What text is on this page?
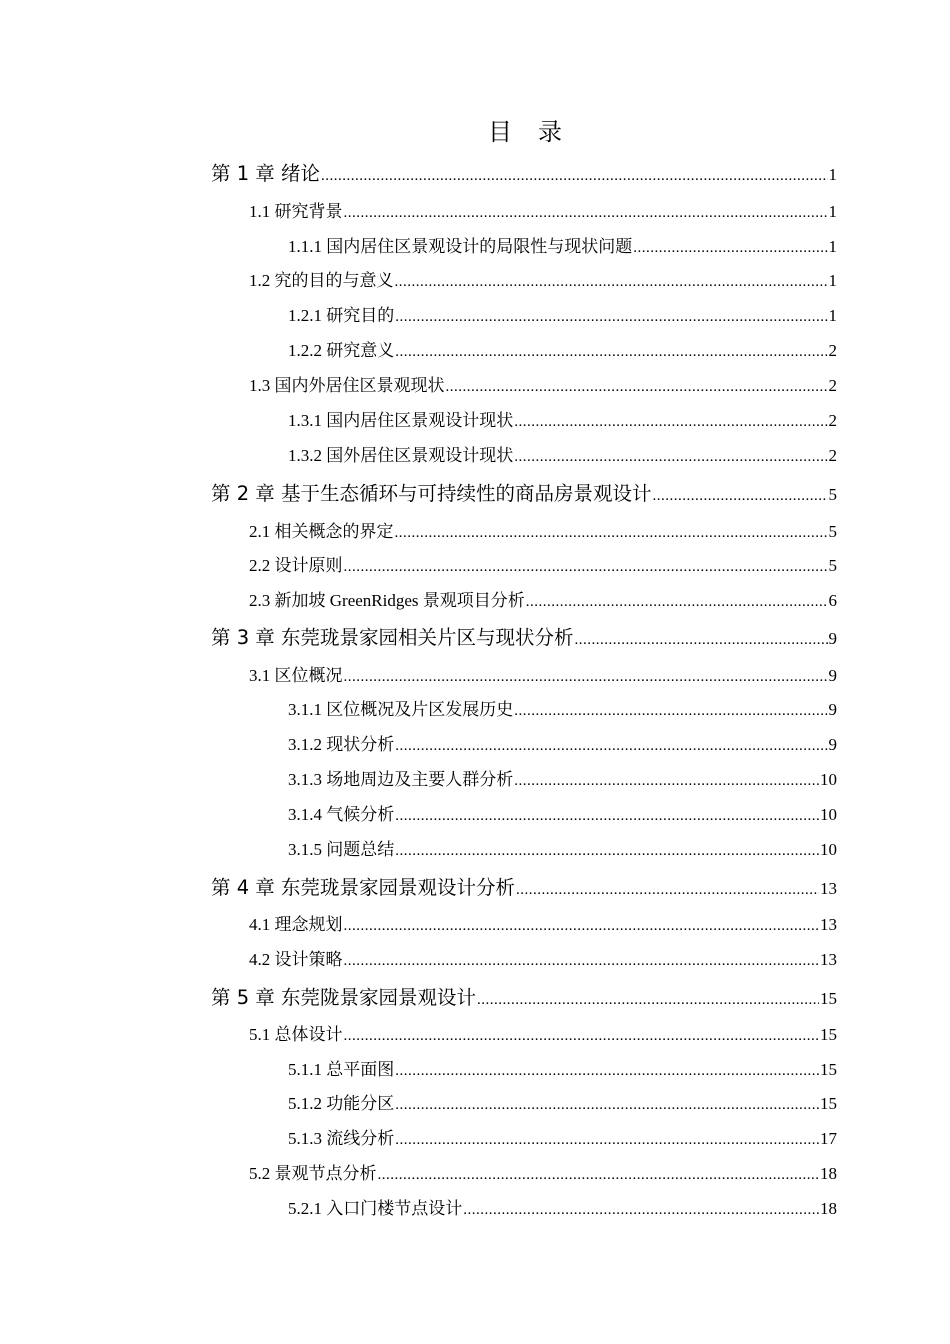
目 录
第 1 章 绪论 .....	1
1.1 研究背景 .....	1
1.1.1 国内居住区景观设计的局限性与现状问题 .....	1
1.2 究的目的与意义 .....	1
1.2.1 研究目的 .....	1
1.2.2 研究意义 .....	2
1.3 国内外居住区景观现状 .....	2
1.3.1 国内居住区景观设计现状 .....	2
1.3.2 国外居住区景观设计现状 .....	2
第 2 章 基于生态循环与可持续性的商品房景观设计 .....	5
2.1 相关概念的界定 .....	5
2.2 设计原则 .....	5
2.3 新加坡 GreenRidges 景观项目分析 .....	6
第 3 章 东莞珑景家园相关片区与现状分析 .....	9
3.1 区位概况 .....	9
3.1.1 区位概况及片区发展历史 .....	9
3.1.2 现状分析 .....	9
3.1.3 场地周边及主要人群分析 .....	10
3.1.4 气候分析 .....	10
3.1.5 问题总结 .....	10
第 4 章 东莞珑景家园景观设计分析 .....	13
4.1 理念规划 .....	13
4.2 设计策略 .....	13
第 5 章 东莞陇景家园景观设计 .....	15
5.1 总体设计 .....	15
5.1.1 总平面图 .....	15
5.1.2 功能分区 .....	15
5.1.3 流线分析 .....	17
5.2 景观节点分析 .....	18
5.2.1 入口门楼节点设计 .....	18
